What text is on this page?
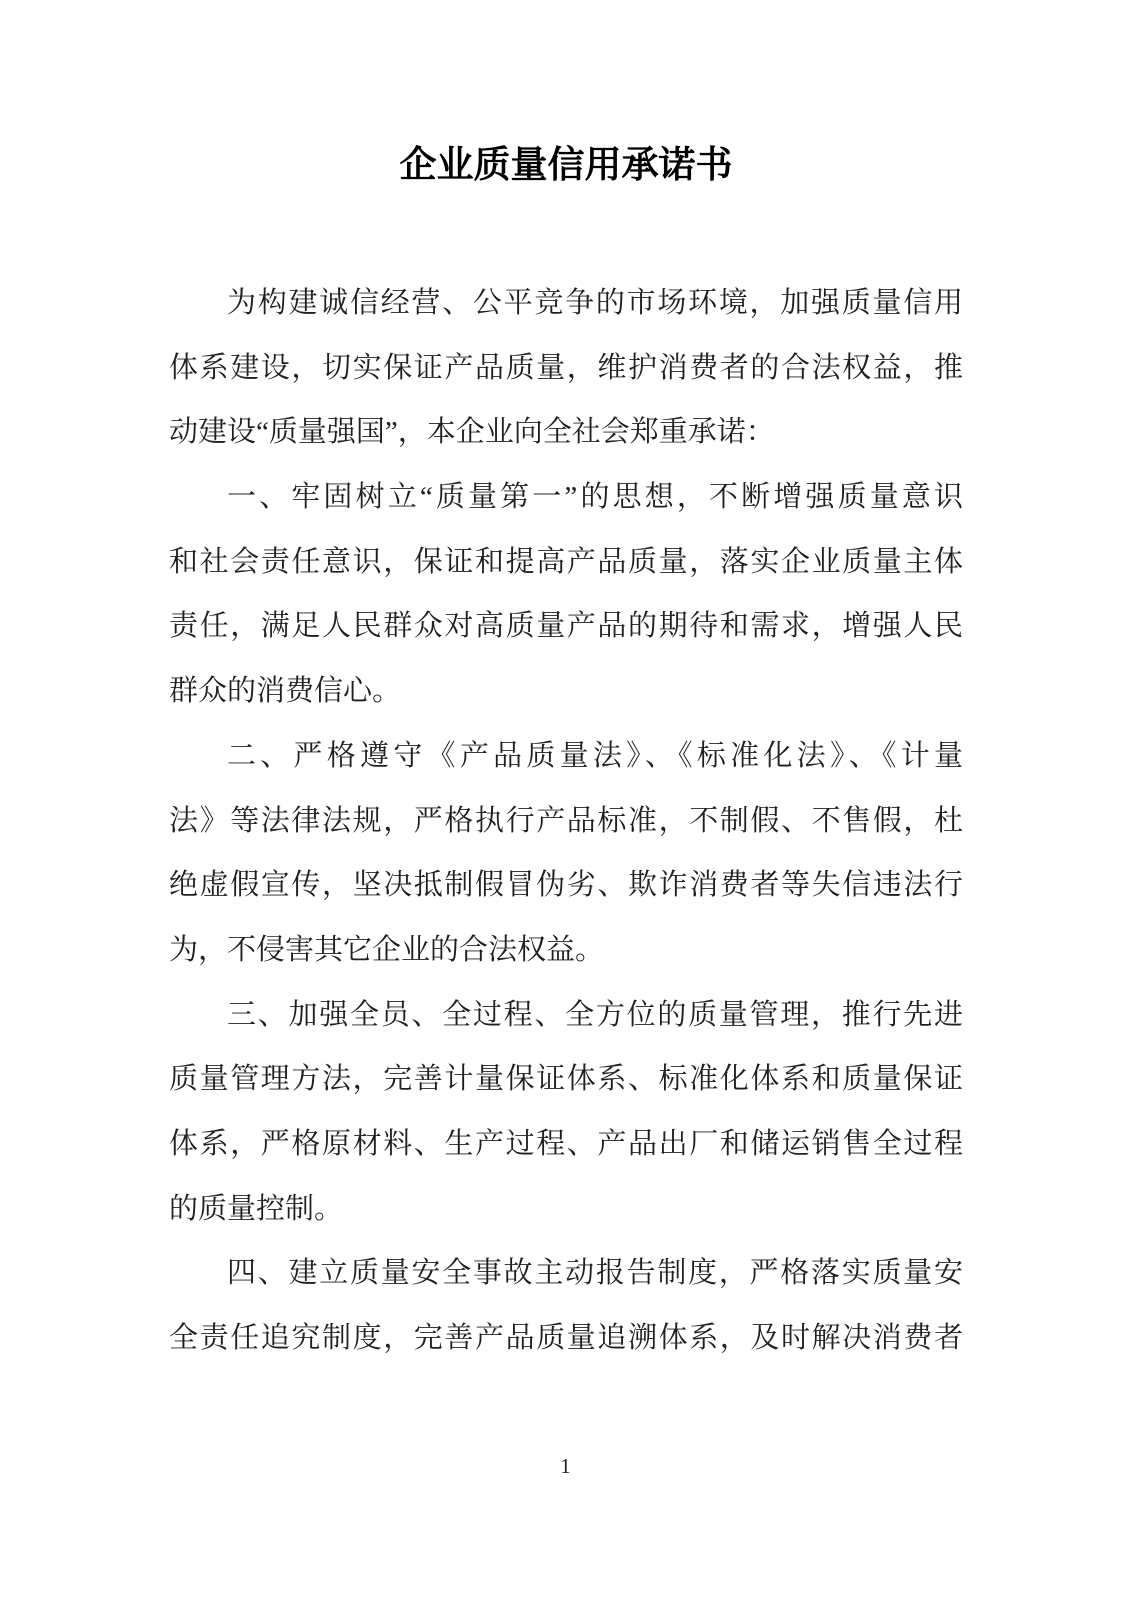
企业质量信用承诺书
为构建诚信经营、公平竞争的市场环境，加强质量信用
体系建设，切实保证产品质量，维护消费者的合法权益，推
动建设“质量强国”，本企业向全社会郑重承诺：
一、牢固树立“质量第一”的思想，不断增强质量意识
和社会责任意识，保证和提高产品质量，落实企业质量主体
责任，满足人民群众对高质量产品的期待和需求，增强人民
群众的消费信心。
二、严格遵守《产品质量法》、《标准化法》、《计量
法》等法律法规，严格执行产品标准，不制假、不售假，杜
绝虚假宣传，坚决抵制假冒伪劣、欺诈消费者等失信违法行
为，不侵害其它企业的合法权益。
三、加强全员、全过程、全方位的质量管理，推行先进
质量管理方法，完善计量保证体系、标准化体系和质量保证
体系，严格原材料、生产过程、产品出厂和储运销售全过程
的质量控制。
四、建立质量安全事故主动报告制度，严格落实质量安
全责任追究制度，完善产品质量追溯体系，及时解决消费者
1
